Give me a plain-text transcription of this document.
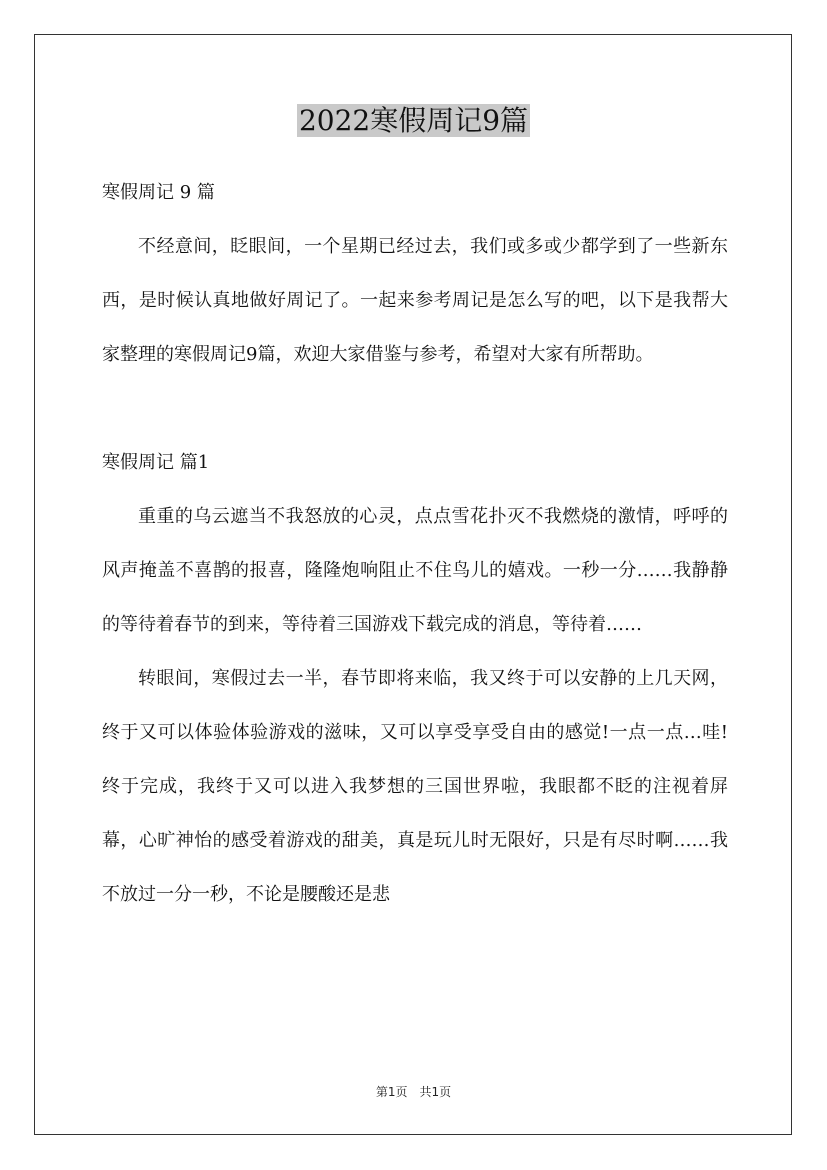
2022寒假周记9篇

寒假周记 9 篇

不经意间，眨眼间，一个星期已经过去，我们或多或少都学到了一些新东西，是时候认真地做好周记了。一起来参考周记是怎么写的吧，以下是我帮大家整理的寒假周记9篇，欢迎大家借鉴与参考，希望对大家有所帮助。

寒假周记 篇1

重重的乌云遮当不我怒放的心灵，点点雪花扑灭不我燃烧的激情，呼呼的风声掩盖不喜鹊的报喜，隆隆炮响阻止不住鸟儿的嬉戏。一秒一分……我静静的等待着春节的到来，等待着三国游戏下载完成的消息，等待着……

转眼间，寒假过去一半，春节即将来临，我又终于可以安静的上几天网，终于又可以体验体验游戏的滋味，又可以享受享受自由的感觉!一点一点…哇!终于完成，我终于又可以进入我梦想的三国世界啦，我眼都不眨的注视着屏幕，心旷神怡的感受着游戏的甜美，真是玩儿时无限好，只是有尽时啊……我不放过一分一秒，不论是腰酸还是悲

第1页 共1页
